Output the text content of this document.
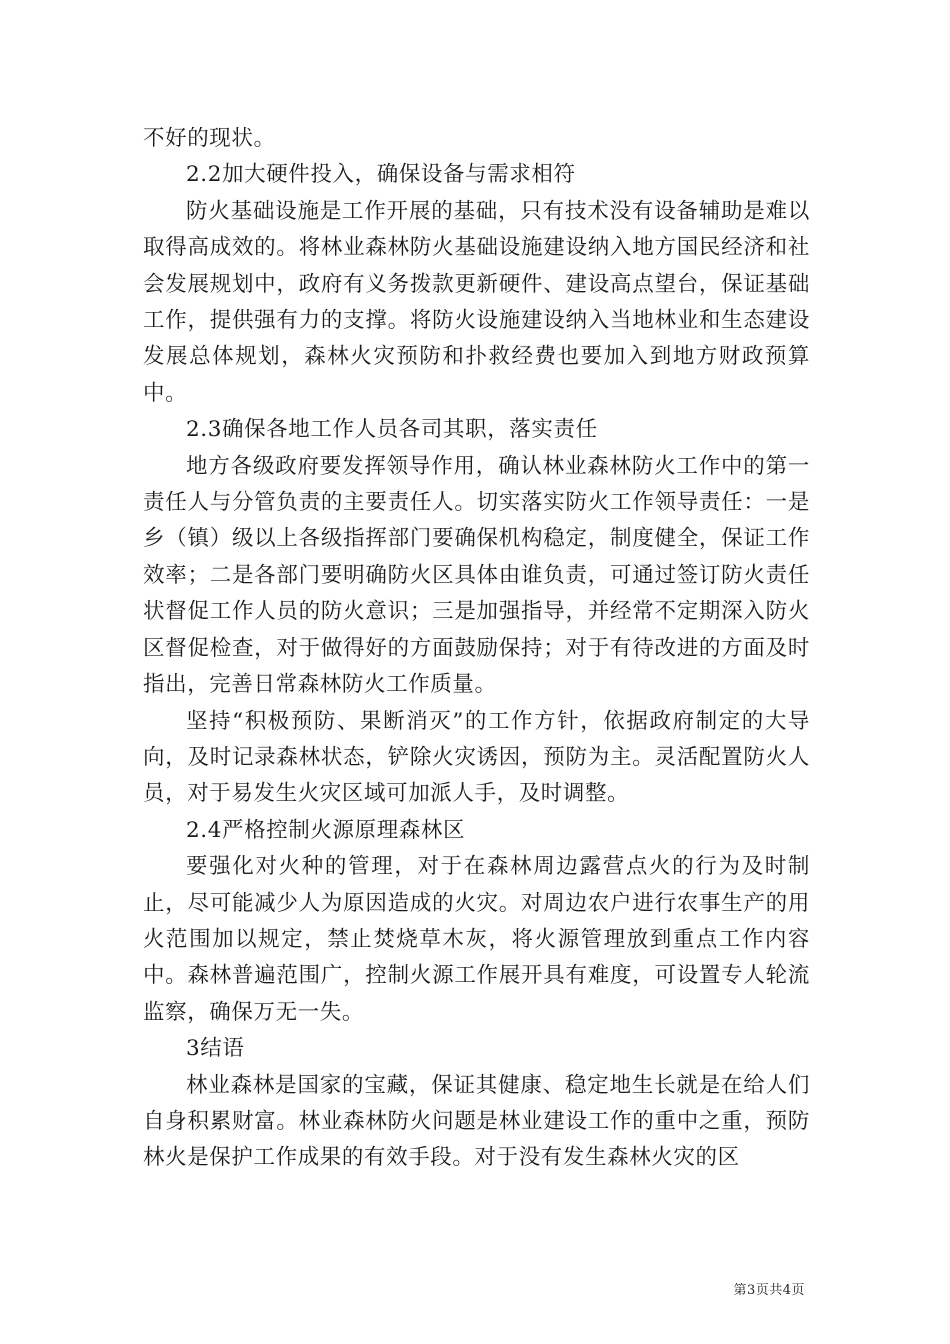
不好的现状。

2.2加大硬件投入，确保设备与需求相符

防火基础设施是工作开展的基础，只有技术没有设备辅助是难以取得高成效的。将林业森林防火基础设施建设纳入地方国民经济和社会发展规划中，政府有义务拨款更新硬件、建设高点望台，保证基础工作，提供强有力的支撑。将防火设施建设纳入当地林业和生态建设发展总体规划，森林火灾预防和扑救经费也要加入到地方财政预算中。

2.3确保各地工作人员各司其职，落实责任

地方各级政府要发挥领导作用，确认林业森林防火工作中的第一责任人与分管负责的主要责任人。切实落实防火工作领导责任：一是乡（镇）级以上各级指挥部门要确保机构稳定，制度健全，保证工作效率；二是各部门要明确防火区具体由谁负责，可通过签订防火责任状督促工作人员的防火意识；三是加强指导，并经常不定期深入防火区督促检查，对于做得好的方面鼓励保持；对于有待改进的方面及时指出，完善日常森林防火工作质量。

坚持“积极预防、果断消灭”的工作方针，依据政府制定的大导向，及时记录森林状态，铲除火灾诱因，预防为主。灵活配置防火人员，对于易发生火灾区域可加派人手，及时调整。

2.4严格控制火源原理森林区

要强化对火种的管理，对于在森林周边露营点火的行为及时制止，尽可能减少人为原因造成的火灾。对周边农户进行农事生产的用火范围加以规定，禁止焚烧草木灰，将火源管理放到重点工作内容中。森林普遍范围广，控制火源工作展开具有难度，可设置专人轮流监察，确保万无一失。

3结语

林业森林是国家的宝藏，保证其健康、稳定地生长就是在给人们自身积累财富。林业森林防火问题是林业建设工作的重中之重，预防林火是保护工作成果的有效手段。对于没有发生森林火灾的区

第3页共4页
